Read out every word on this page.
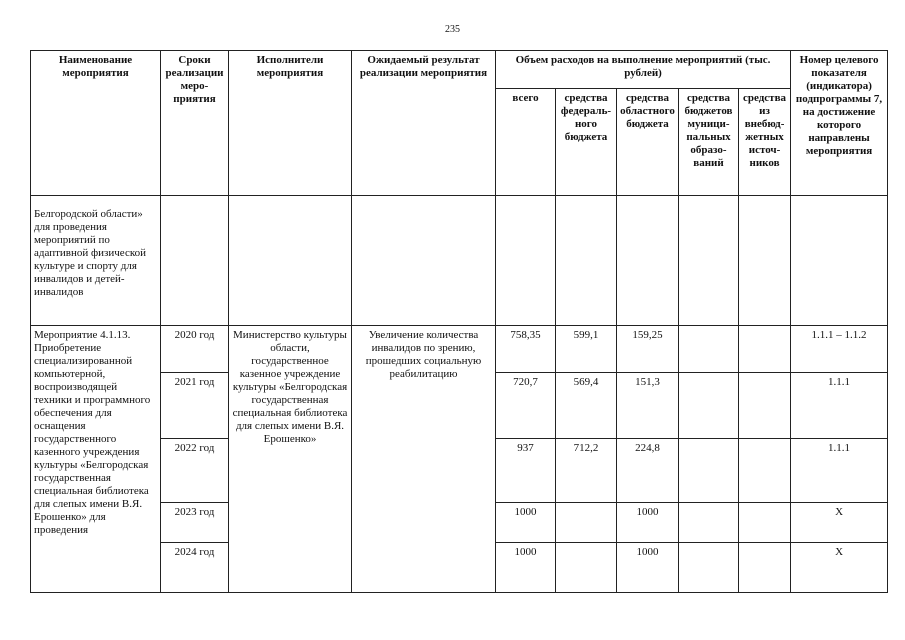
235
Наименование мероприятия	Сроки реализации меро-приятия	Исполнители мероприятия	Ожидаемый результат реализации мероприятия	Объем расходов на выполнение мероприятий (тыс. рублей)					Номер целевого показателя (индикатора) подпрограммы 7, на достижение которого направлены мероприятия
				всего	средства федераль-ного бюджета	средства областного бюджета	средства бюджетов муници-пальных образо-ваний	средства из внебюд-жетных источ-ников	
Белгородской области» для проведения мероприятий по адаптивной физической культуре и спорту для инвалидов и детей-инвалидов									
Мероприятие 4.1.13. Приобретение специализированной компьютерной, воспроизводящей техники и программного обеспечения для оснащения государственного казенного учреждения культуры «Белгородская государственная специальная библиотека для слепых имени В.Я. Ерошенко» для проведения	2020 год	Министерство культуры области, государственное казенное учреждение культуры «Белгородская государственная специальная библиотека для слепых имени В.Я. Ерошенко»	Увеличение количества инвалидов по зрению, прошедших социальную реабилитацию	758,35	599,1	159,25			1.1.1 – 1.1.2
	2021 год			720,7	569,4	151,3			1.1.1
	2022 год			937	712,2	224,8			1.1.1
	2023 год			1000		1000			Х
	2024 год			1000		1000			Х
